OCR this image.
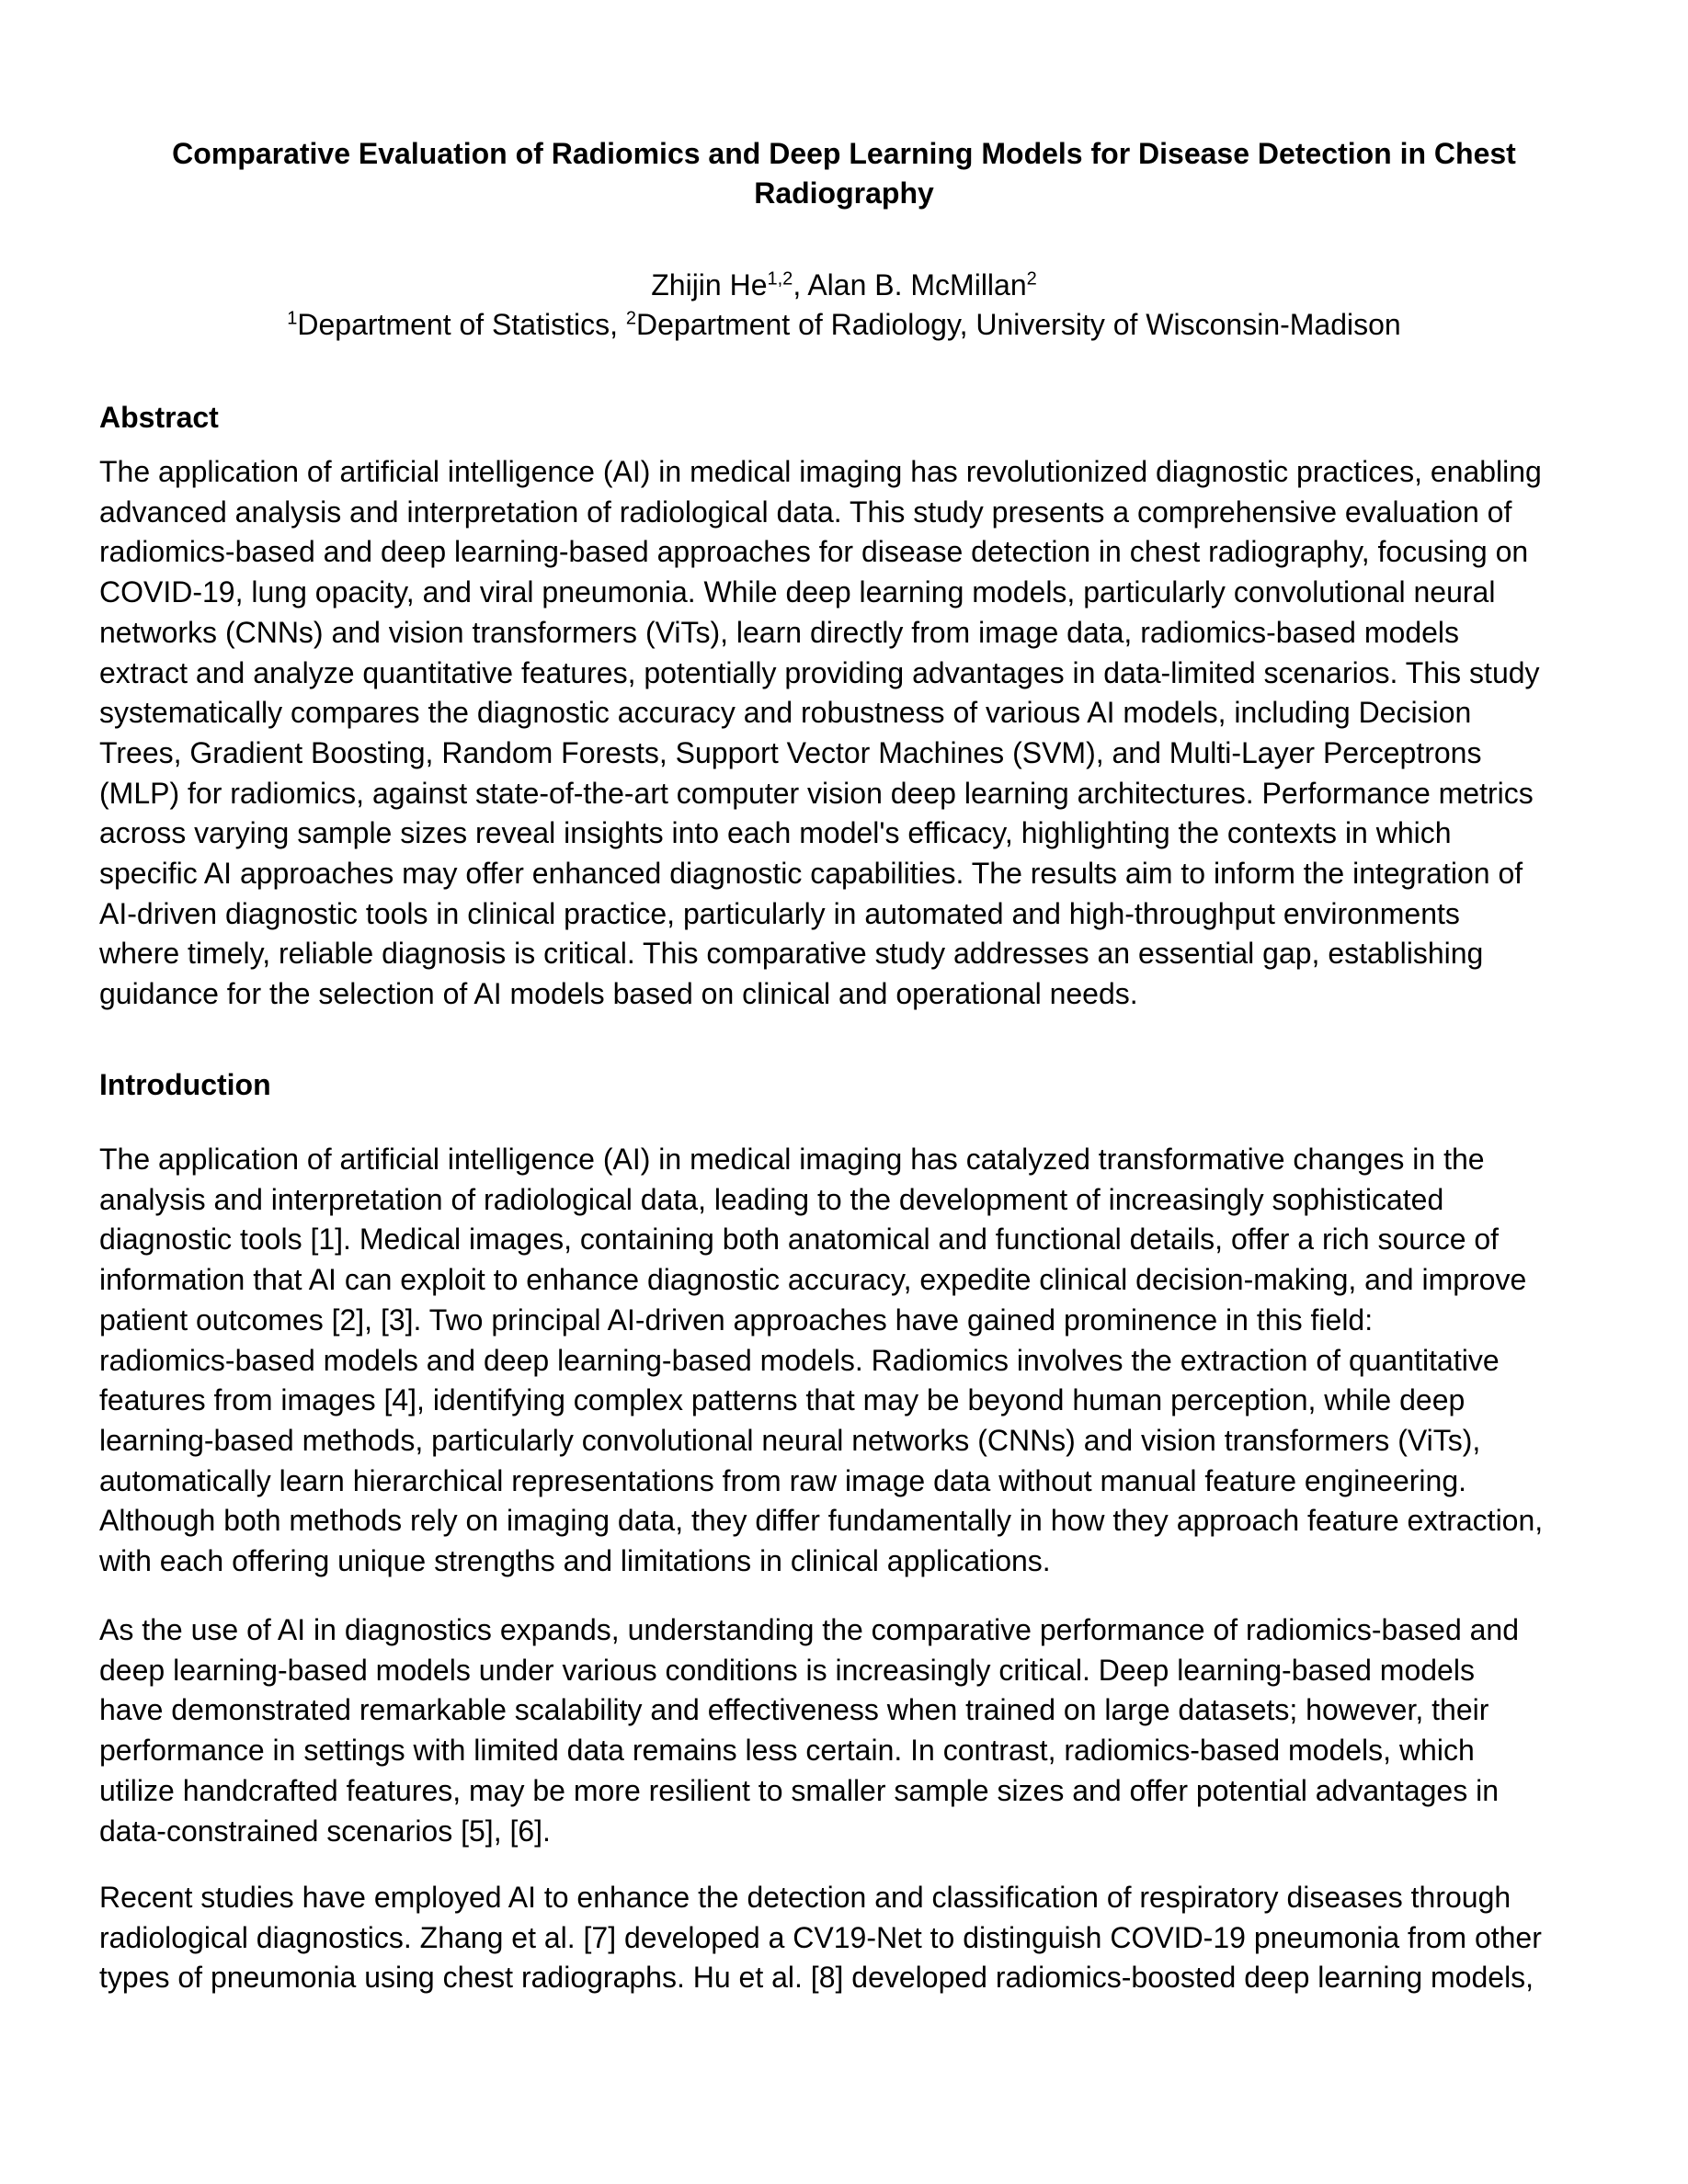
Comparative Evaluation of Radiomics and Deep Learning Models for Disease Detection in Chest
Radiography
Zhijin He$^{1,2}$, Alan B. McMillan$^2$
$^1$Department of Statistics, $^2$Department of Radiology, University of Wisconsin-Madison
Abstract
The application of artificial intelligence (AI) in medical imaging has revolutionized diagnostic practices, enabling
advanced analysis and interpretation of radiological data. This study presents a comprehensive evaluation of
radiomics-based and deep learning-based approaches for disease detection in chest radiography, focusing on
COVID-19, lung opacity, and viral pneumonia. While deep learning models, particularly convolutional neural
networks (CNNs) and vision transformers (ViTs), learn directly from image data, radiomics-based models
extract and analyze quantitative features, potentially providing advantages in data-limited scenarios. This study
systematically compares the diagnostic accuracy and robustness of various AI models, including Decision
Trees, Gradient Boosting, Random Forests, Support Vector Machines (SVM), and Multi-Layer Perceptrons
(MLP) for radiomics, against state-of-the-art computer vision deep learning architectures. Performance metrics
across varying sample sizes reveal insights into each model's efficacy, highlighting the contexts in which
specific AI approaches may offer enhanced diagnostic capabilities. The results aim to inform the integration of
AI-driven diagnostic tools in clinical practice, particularly in automated and high-throughput environments
where timely, reliable diagnosis is critical. This comparative study addresses an essential gap, establishing
guidance for the selection of AI models based on clinical and operational needs.
Introduction
The application of artificial intelligence (AI) in medical imaging has catalyzed transformative changes in the
analysis and interpretation of radiological data, leading to the development of increasingly sophisticated
diagnostic tools [1]. Medical images, containing both anatomical and functional details, offer a rich source of
information that AI can exploit to enhance diagnostic accuracy, expedite clinical decision-making, and improve
patient outcomes [2], [3]. Two principal AI-driven approaches have gained prominence in this field:
radiomics-based models and deep learning-based models. Radiomics involves the extraction of quantitative
features from images [4], identifying complex patterns that may be beyond human perception, while deep
learning-based methods, particularly convolutional neural networks (CNNs) and vision transformers (ViTs),
automatically learn hierarchical representations from raw image data without manual feature engineering.
Although both methods rely on imaging data, they differ fundamentally in how they approach feature extraction,
with each offering unique strengths and limitations in clinical applications.
As the use of AI in diagnostics expands, understanding the comparative performance of radiomics-based and
deep learning-based models under various conditions is increasingly critical. Deep learning-based models
have demonstrated remarkable scalability and effectiveness when trained on large datasets; however, their
performance in settings with limited data remains less certain. In contrast, radiomics-based models, which
utilize handcrafted features, may be more resilient to smaller sample sizes and offer potential advantages in
data-constrained scenarios [5], [6].
Recent studies have employed AI to enhance the detection and classification of respiratory diseases through
radiological diagnostics. Zhang et al. [7] developed a CV19-Net to distinguish COVID-19 pneumonia from other
types of pneumonia using chest radiographs. Hu et al. [8] developed radiomics-boosted deep learning models,
